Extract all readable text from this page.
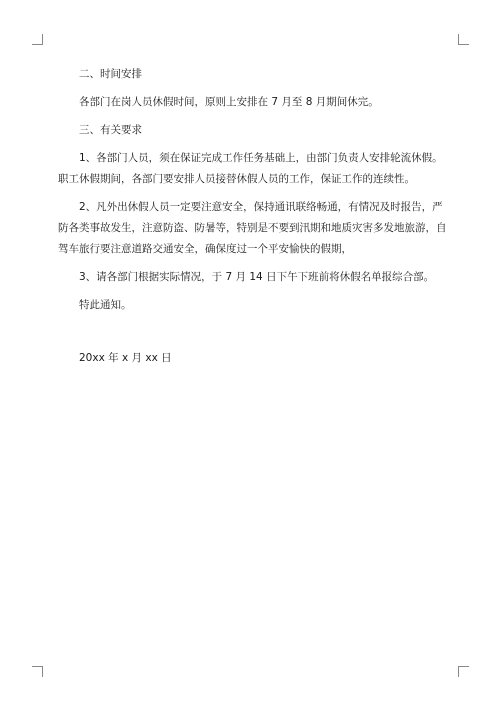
二、时间安排

各部门在岗人员休假时间，原则上安排在 7 月至 8 月期间休完。

三、有关要求

1、各部门人员，须在保证完成工作任务基础上，由部门负责人安排轮流休假。
职工休假期间，各部门要安排人员接替休假人员的工作，保证工作的连续性。

2、凡外出休假人员一定要注意安全，保持通讯联络畅通，有情况及时报告，严
防各类事故发生，注意防盗、防暑等，特别是不要到汛期和地质灾害多发地旅游，自
驾车旅行要注意道路交通安全，确保度过一个平安愉快的假期，

3、请各部门根据实际情况，于 7 月 14 日下午下班前将休假名单报综合部。

特此通知。

20xx 年 x 月 xx 日
